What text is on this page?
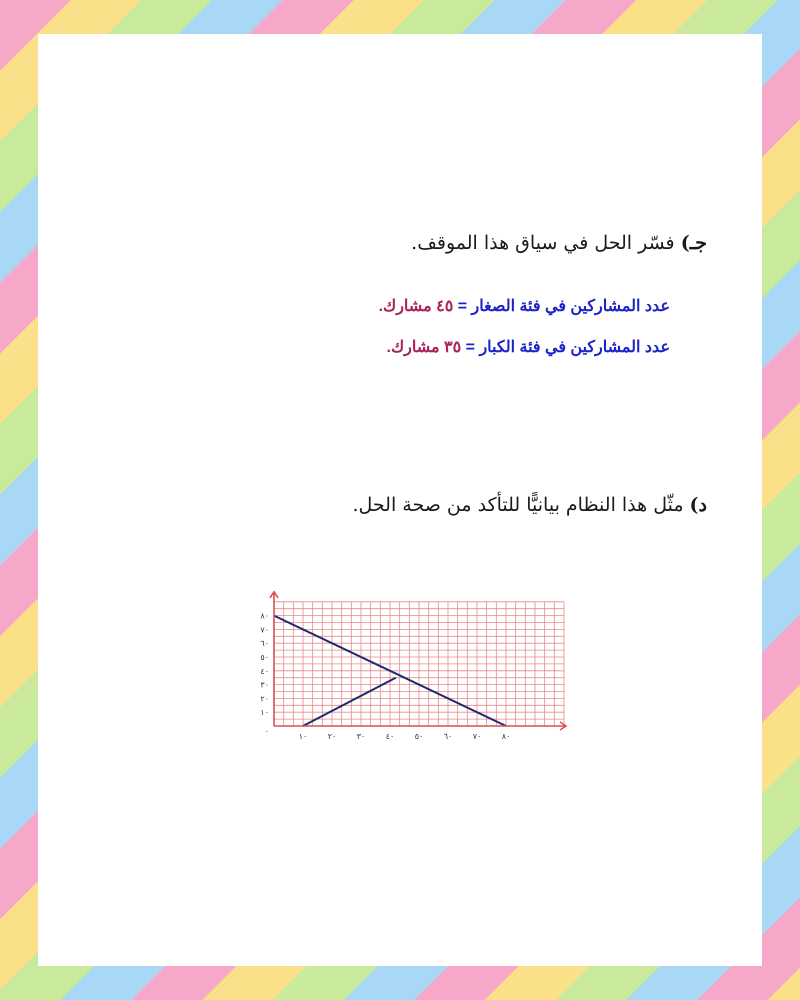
جـ) فسّر الحل في سياق هذا الموقف.
عدد المشاركين في فئة الصغار = ٤٥ مشارك.
عدد المشاركين في فئة الكبار = ٣٥ مشارك.
د) مثّل هذا النظام بيانيًّا للتأكد من صحة الحل.
١٠	٢٠	٣٠	٤٠	٥٠	٦٠	٧٠	٨٠
١٠
٢٠
٣٠
٤٠
٥٠
٦٠
٧٠
٨٠
٠
